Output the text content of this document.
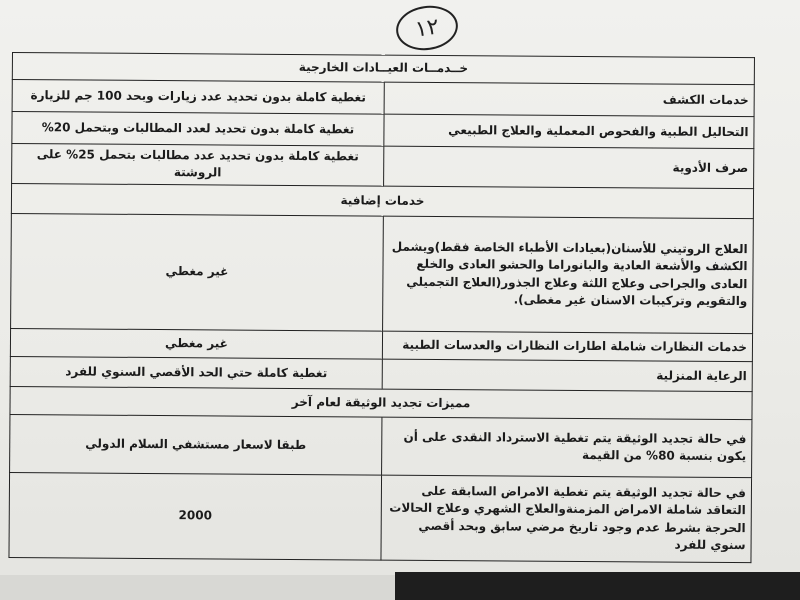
١٢
خــدمــات العيــادات الخارجية	
تغطية كاملة بدون تحديد عدد زيارات وبحد 100 جم للزيارة	خدمات الكشف
تغطية كاملة بدون تحديد لعدد المطالبات وبتحمل 20%	التحاليل الطبية والفحوص المعملية والعلاج الطبيعي
تغطية كاملة بدون تحديد عدد مطالبات بتحمل 25% على الروشتة	صرف الأدوية
خدمات إضافية	
غير مغطي	العلاج الروتيني للأسنان(بعيادات الأطباء الخاصة فقط)ويشمل الكشف والأشعة العادية والبانوراما والحشو العادى والخلع العادى والجراحى وعلاج اللثة وعلاج الجذور(العلاج التجميلي والتقويم وتركيبات الاسنان غير مغطى).
غير مغطي	خدمات النظارات شاملة اطارات النظارات والعدسات الطبية
تغطية كاملة حتي الحد الأقصي السنوي للفرد	الرعاية المنزلية
مميزات تجديد الوثيقة لعام آخر	
طبقا لاسعار مستشفي السلام الدولي	في حالة تجديد الوثيقة يتم تغطية الاسترداد النقدى على أن يكون بنسبة 80% من القيمة
2000	في حالة تجديد الوثيقة يتم تغطية الامراض السابقة على التعاقد شاملة الامراض المزمنةوالعلاج الشهري وعلاج الحالات الحرجة بشرط عدم وجود تاريخ مرضي سابق وبحد أقصي سنوي للفرد
